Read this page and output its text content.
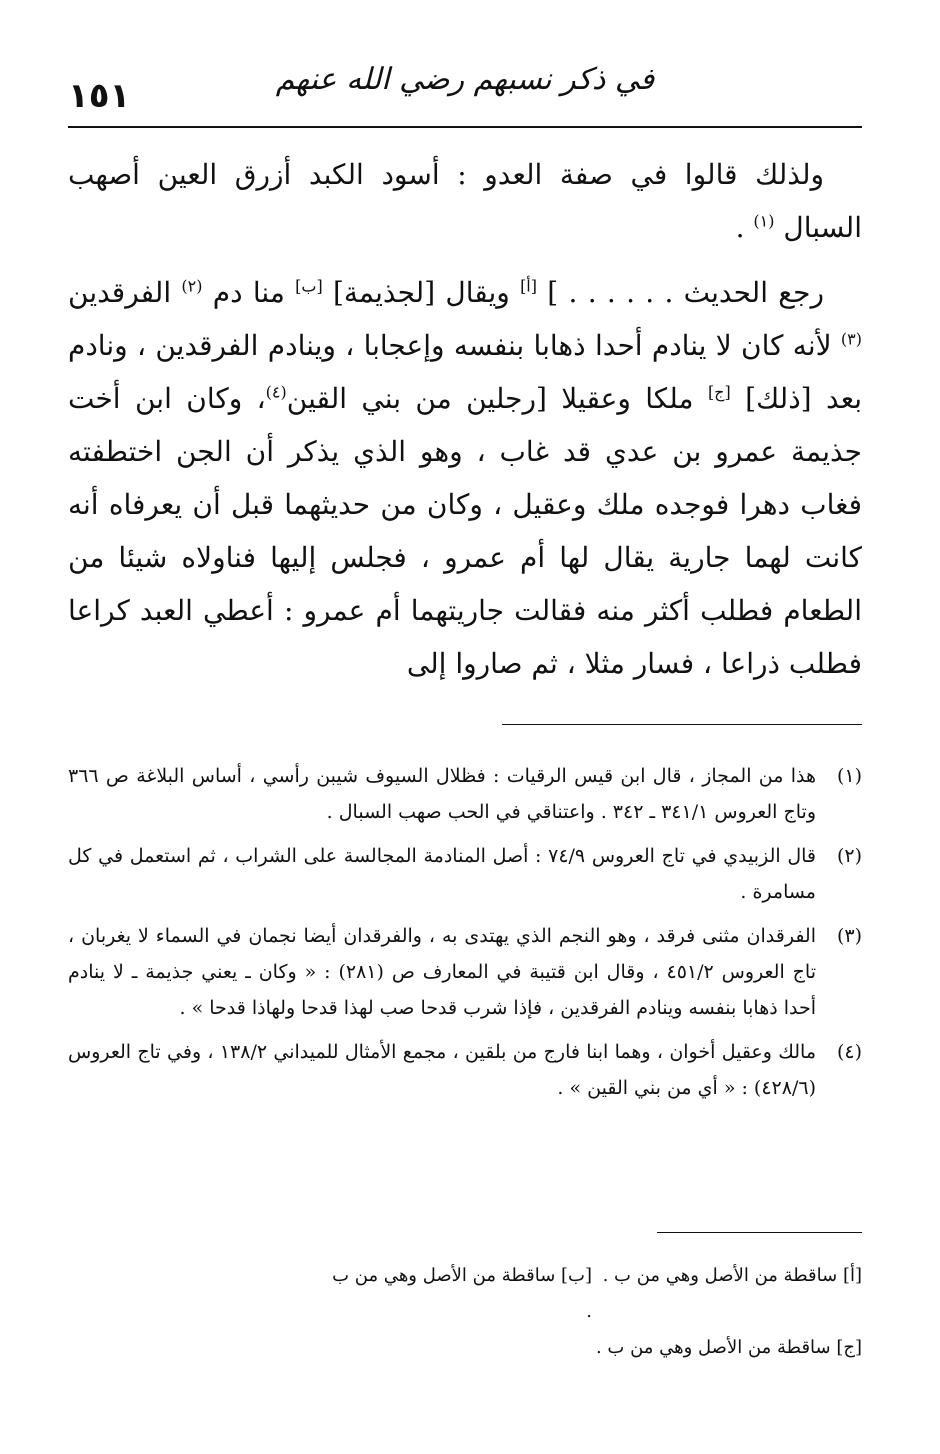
١٥١	في ذكر نسبهم رضي الله عنهم

ولذلك قالوا في صفة العدو : أسود الكبد أزرق العين أصهب السبال $^{(١)}$ .

رجع الحديث . . . . . . ] [أ] ويقال [لجذيمة] [ب] منا دم $^{(٢)}$ الفرقدين $^{(٣)}$ لأنه كان لا ينادم أحدا ذهابا بنفسه وإعجابا ، وينادم الفرقدين ، ونادم بعد [ذلك] [ج] ملكا وعقيلا [رجلين من بني القين$^{(٤)}$، وكان ابن أخت جذيمة عمرو بن عدي قد غاب ، وهو الذي يذكر أن الجن اختطفته فغاب دهرا فوجده ملك وعقيل ، وكان من حديثهما قبل أن يعرفاه أنه كانت لهما جارية يقال لها أم عمرو ، فجلس إليها فناولاه شيئا من الطعام فطلب أكثر منه فقالت جاريتهما أم عمرو : أعطي العبد كراعا فطلب ذراعا ، فسار مثلا ، ثم صاروا إلى

(١)
هذا من المجاز ، قال ابن قيس الرقيات : فظلال السيوف شيبن رأسي ، أساس البلاغة ص ٣٦٦ وتاج العروس ٣٤١/١ ـ ٣٤٢ . واعتناقي في الحب صهب السبال .
(٢)
قال الزبيدي في تاج العروس ٧٤/٩ : أصل المنادمة المجالسة على الشراب ، ثم استعمل في كل مسامرة .
(٣)
الفرقدان مثنى فرقد ، وهو النجم الذي يهتدى به ، والفرقدان أيضا نجمان في السماء لا يغربان ، تاج العروس ٤٥١/٢ ، وقال ابن قتيبة في المعارف ص (٢٨١) : « وكان ـ يعني جذيمة ـ لا ينادم أحدا ذهابا بنفسه وينادم الفرقدين ، فإذا شرب قدحا صب لهذا قدحا ولهاذا قدحا » .
(٤)
مالك وعقيل أخوان ، وهما ابنا فارج من بلقين ، مجمع الأمثال للميداني ١٣٨/٢ ، وفي تاج العروس (٤٢٨/٦) : « أي من بني القين » .
[أ] ساقطة من الأصل وهي من ب .
[ب] ساقطة من الأصل وهي من ب .
[ج] ساقطة من الأصل وهي من ب .
